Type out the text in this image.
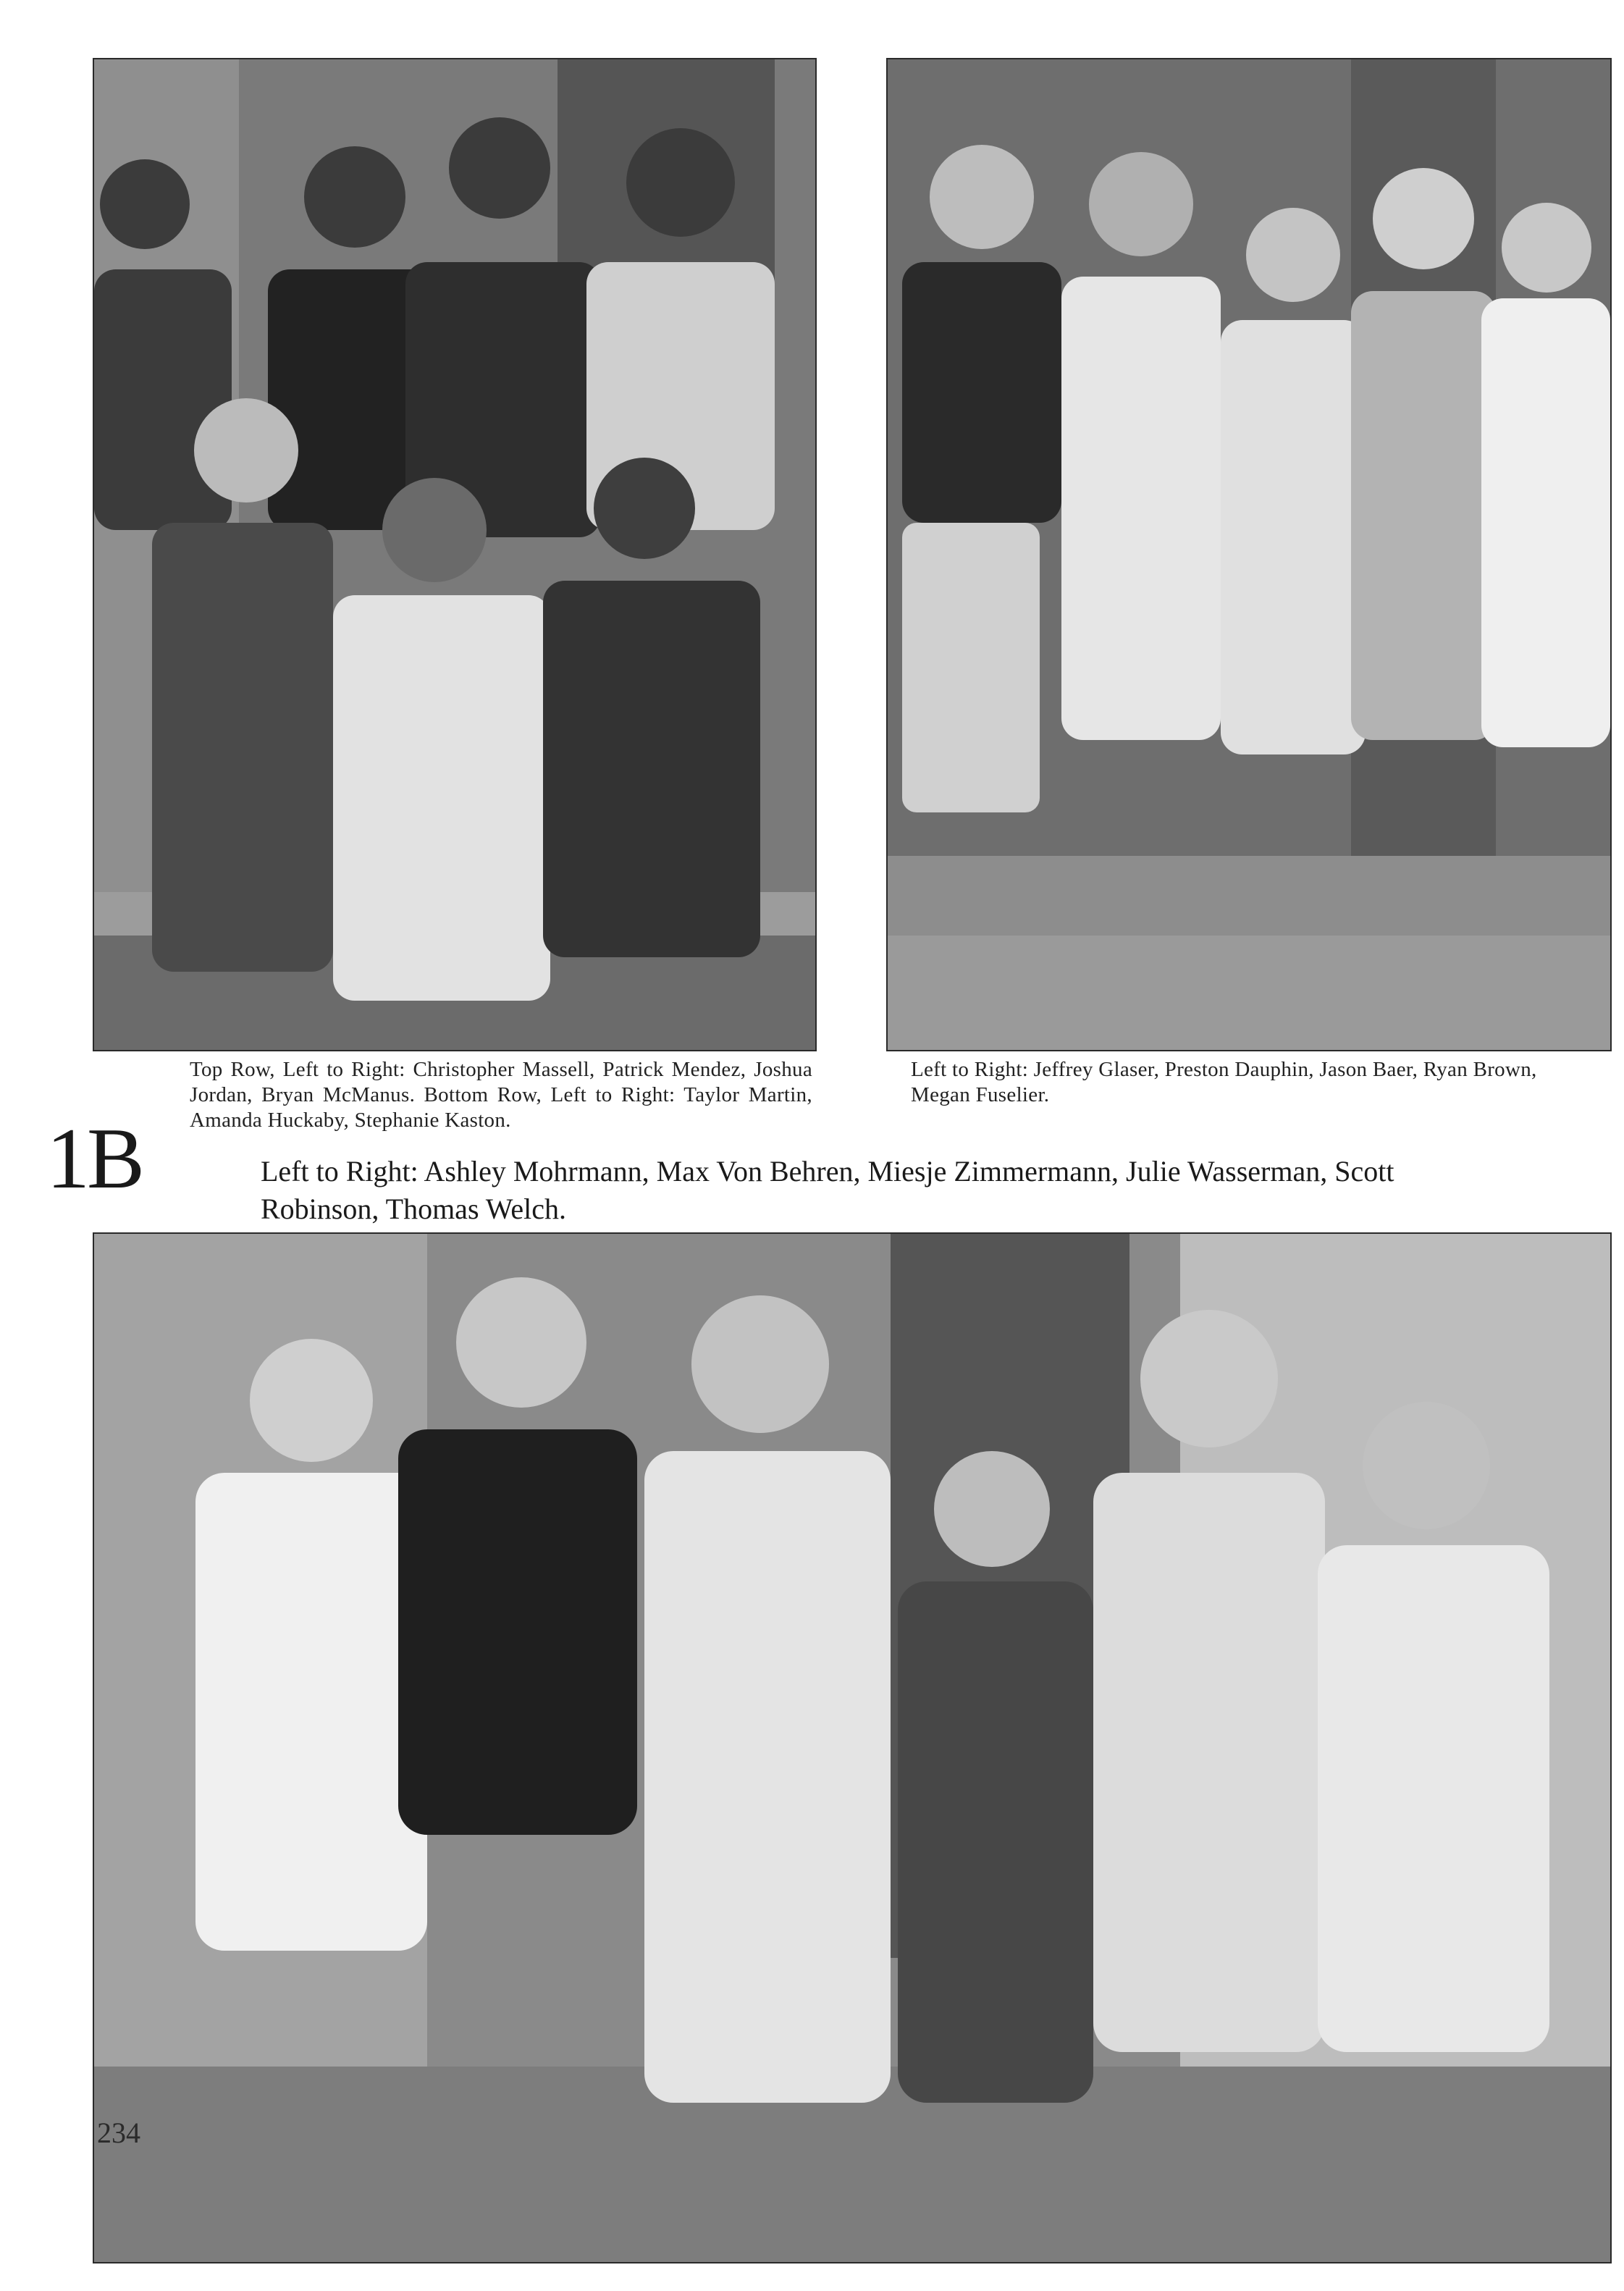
Top Row, Left to Right: Christopher Massell, Patrick Mendez, Joshua Jordan, Bryan McManus. Bottom Row, Left to Right: Taylor Martin, Amanda Huckaby, Stephanie Kaston.
Left to Right: Jeffrey Glaser, Preston Dauphin, Jason Baer, Ryan Brown, Megan Fuselier.
1B	Left to Right: Ashley Mohrmann, Max Von Behren, Miesje Zimmermann, Julie Wasserman, Scott Robinson, Thomas Welch.
234
